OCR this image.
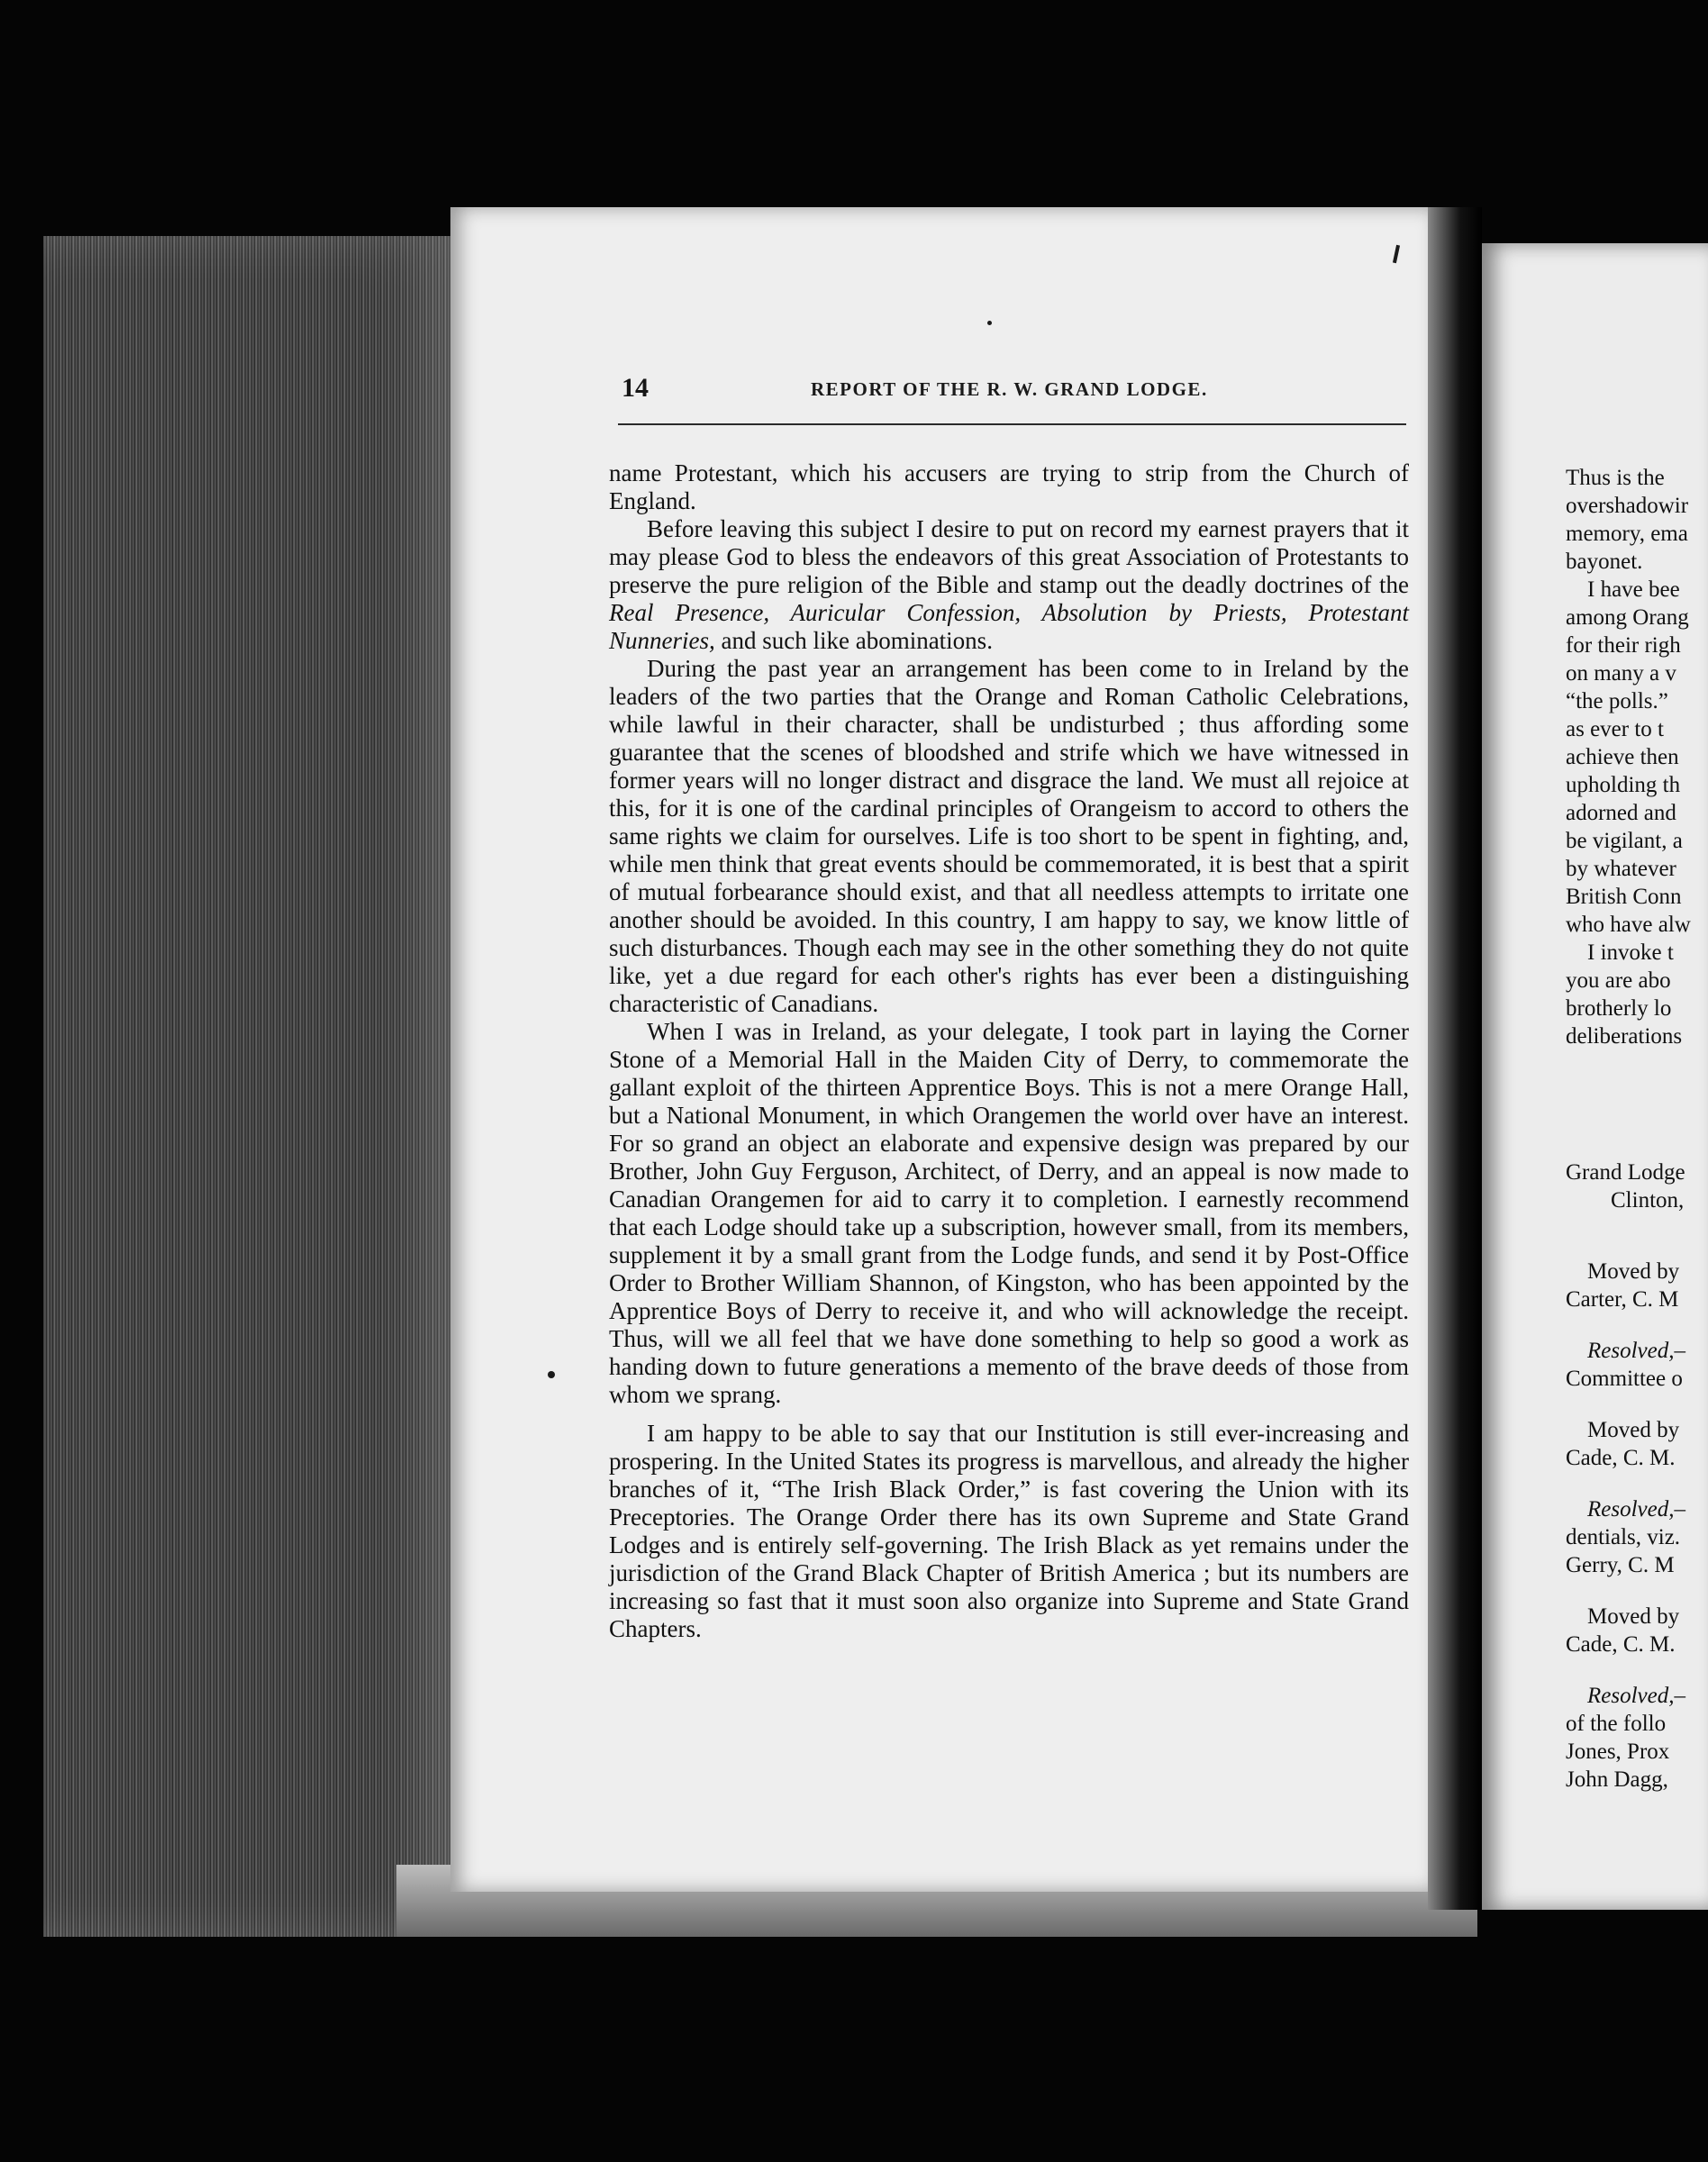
14	REPORT OF THE R. W. GRAND LODGE.

name Protestant, which his accusers are trying to strip from the Church of England.

Before leaving this subject I desire to put on record my earnest prayers that it may please God to bless the endeavors of this great Association of Protestants to preserve the pure religion of the Bible and stamp out the deadly doctrines of the Real Presence, Auricular Confession, Absolution by Priests, Protestant Nunneries, and such like abominations.

During the past year an arrangement has been come to in Ireland by the leaders of the two parties that the Orange and Roman Catholic Celebrations, while lawful in their character, shall be undisturbed ; thus affording some guarantee that the scenes of bloodshed and strife which we have witnessed in former years will no longer distract and disgrace the land. We must all rejoice at this, for it is one of the cardinal principles of Orangeism to accord to others the same rights we claim for ourselves. Life is too short to be spent in fighting, and, while men think that great events should be commemorated, it is best that a spirit of mutual forbearance should exist, and that all needless attempts to irritate one another should be avoided. In this country, I am happy to say, we know little of such disturbances. Though each may see in the other something they do not quite like, yet a due regard for each other's rights has ever been a distinguishing characteristic of Canadians.

When I was in Ireland, as your delegate, I took part in laying the Corner Stone of a Memorial Hall in the Maiden City of Derry, to commemorate the gallant exploit of the thirteen Apprentice Boys. This is not a mere Orange Hall, but a National Monument, in which Orangemen the world over have an interest. For so grand an object an elaborate and expensive design was prepared by our Brother, John Guy Ferguson, Architect, of Derry, and an appeal is now made to Canadian Orangemen for aid to carry it to completion. I earnestly recommend that each Lodge should take up a subscription, however small, from its members, supplement it by a small grant from the Lodge funds, and send it by Post-Office Order to Brother William Shannon, of Kingston, who has been appointed by the Apprentice Boys of Derry to receive it, and who will acknowledge the receipt. Thus, will we all feel that we have done something to help so good a work as handing down to future generations a memento of the brave deeds of those from whom we sprang.

I am happy to be able to say that our Institution is still ever-increasing and prospering. In the United States its progress is marvellous, and already the higher branches of it, “The Irish Black Order,” is fast covering the Union with its Preceptories. The Orange Order there has its own Supreme and State Grand Lodges and is entirely self-governing. The Irish Black as yet remains under the jurisdiction of the Grand Black Chapter of British America ; but its numbers are increasing so fast that it must soon also organize into Supreme and State Grand Chapters.

Thus is the
overshadowir
memory, ema
bayonet.
I have bee
among Orang
for their righ
on many a v
“the polls.”
as ever to t
achieve then
upholding th
adorned and
be vigilant, a
by whatever
British Conn
who have alw
I invoke t
you are abo
brotherly lo
deliberations
Grand Lodge
Clinton,
Moved by
Carter, C. M
Resolved,–
Committee o
Moved by
Cade, C. M.
Resolved,–
dentials, viz.
Gerry, C. M
Moved by
Cade, C. M.
Resolved,–
of the follo
Jones, Prox
John Dagg,
